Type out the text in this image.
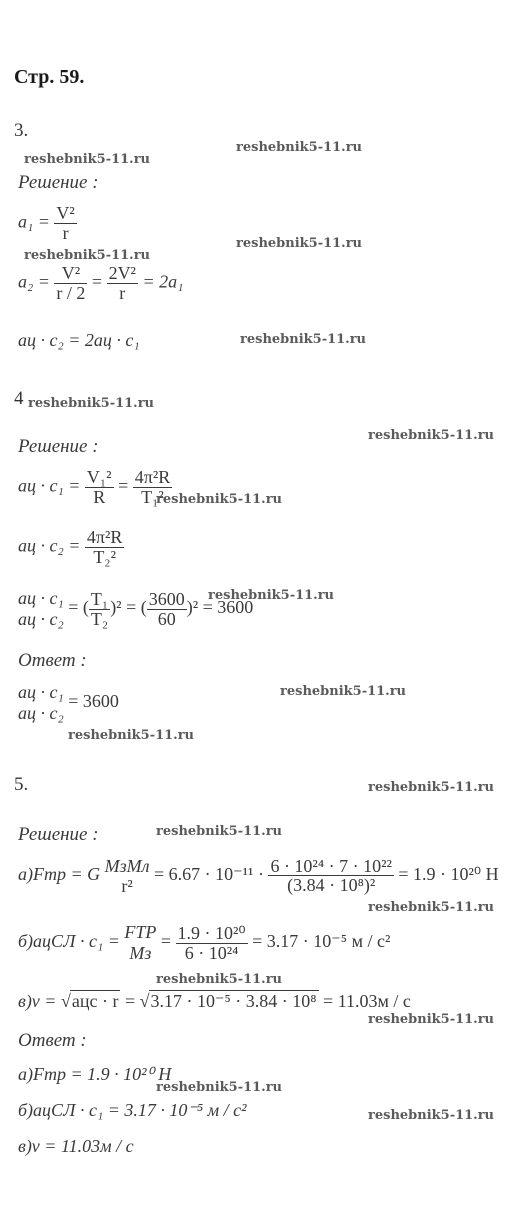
Стр. 59.
3.
reshebnik5-11.ru
reshebnik5-11.ru
Решение :
$a_1 = \frac{\text{V²}}{r}$
reshebnik5-11.ru
reshebnik5-11.ru
$a_2 = \frac{\text{V²}}{r / 2} = \frac{\text{2V²}}{r} = 2a_1$
aц · c₂ = 2aц · c₁	reshebnik5-11.ru
4 reshebnik5-11.ru
Решение :
reshebnik5-11.ru
aц · $c_1 = \frac{\text{V₁²}}{R} = \frac{\text{4π²R}}{\text{T₁²}}$
reshebnik5-11.ru
aц · $c_2 = \frac{\text{4π²R}}{\text{T₂²}}$
aц · c₁
aц · c₂
= ( $\frac{\text{T₁}}{\text{T₂}} )^2$ = ( $\frac{3600}{60} )^2 = 3600$
reshebnik5-11.ru
Ответ :
aц · c₁
aц · c₂
= 3600	reshebnik5-11.ru
reshebnik5-11.ru
5.	reshebnik5-11.ru
Решение :	reshebnik5-11.ru
а)Fтр = G MзMл
r²
= $6.67 \cdot 10^{-11} \cdot \frac{\text{6 · 10²⁴ · 7 · 10²²}}{\text{(3.84 · 10⁸)²}} = 1.9 \cdot 10^{20}$ H
reshebnik5-11.ru
б)aцСЛ · c₁ = FТР
Mз
= $\frac{\text{1.9 · 10²⁰}}{\text{6 · 10²⁴}} = 3.17 \cdot 10^{-5}$ м / c²
reshebnik5-11.ru
в)v = √aцс · r = √3.17 · 10⁻⁵ · 3.84 · 10⁸ = 11.03м / c
reshebnik5-11.ru
Ответ :
а)Fтр = 1.9 · 10²⁰ H
reshebnik5-11.ru
б)aцСЛ · c₁ = 3.17 · 10⁻⁵ м / c²	reshebnik5-11.ru
в)v = 11.03м / c
